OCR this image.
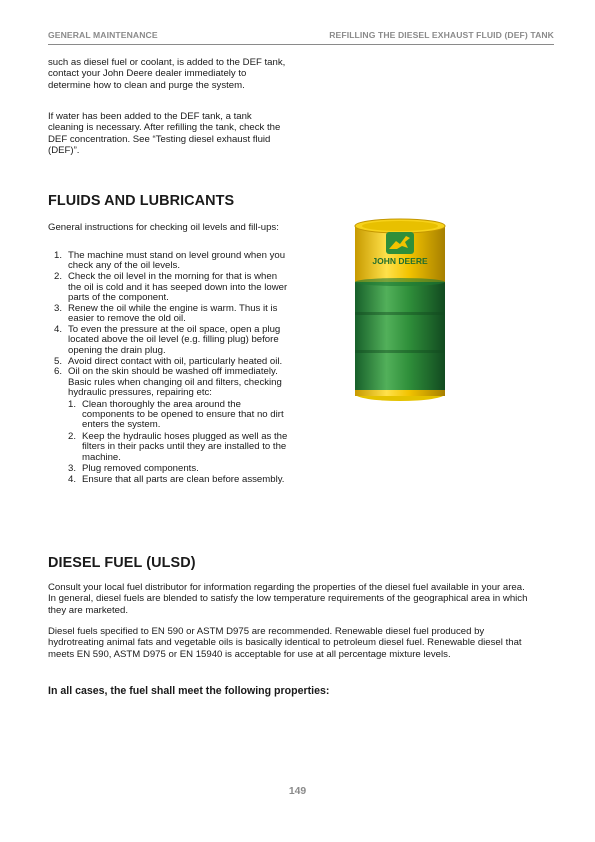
GENERAL MAINTENANCE	REFILLING THE DIESEL EXHAUST FLUID (DEF) TANK

such as diesel fuel or coolant, is added to the DEF tank, contact your John Deere dealer immediately to determine how to clean and purge the system.

If water has been added to the DEF tank, a tank cleaning is necessary. After refilling the tank, check the DEF concentration. See “Testing diesel exhaust fluid (DEF)”.

FLUIDS AND LUBRICANTS

General instructions for checking oil levels and fill-ups:

1. The machine must stand on level ground when you check any of the oil levels.
2. Check the oil level in the morning for that is when the oil is cold and it has seeped down into the lower parts of the component.
3. Renew the oil while the engine is warm. Thus it is easier to remove the old oil.
4. To even the pressure at the oil space, open a plug located above the oil level (e.g. filling plug) before opening the drain plug.
5. Avoid direct contact with oil, particularly heated oil.
6. Oil on the skin should be washed off immediately. Basic rules when changing oil and filters, checking hydraulic pressures, repairing etc:
1. Clean thoroughly the area around the components to be opened to ensure that no dirt enters the system.
2. Keep the hydraulic hoses plugged as well as the filters in their packs until they are installed to the machine.
3. Plug removed components.
4. Ensure that all parts are clean before assembly.
JOHN DEERE
DIESEL FUEL (ULSD)

Consult your local fuel distributor for information regarding the properties of the diesel fuel available in your area. In general, diesel fuels are blended to satisfy the low temperature requirements of the geographical area in which they are marketed.

Diesel fuels specified to EN 590 or ASTM D975 are recommended. Renewable diesel fuel produced by hydrotreating animal fats and vegetable oils is basically identical to petroleum diesel fuel. Renewable diesel that meets EN 590, ASTM D975 or EN 15940 is acceptable for use at all percentage mixture levels.

In all cases, the fuel shall meet the following properties:

149
